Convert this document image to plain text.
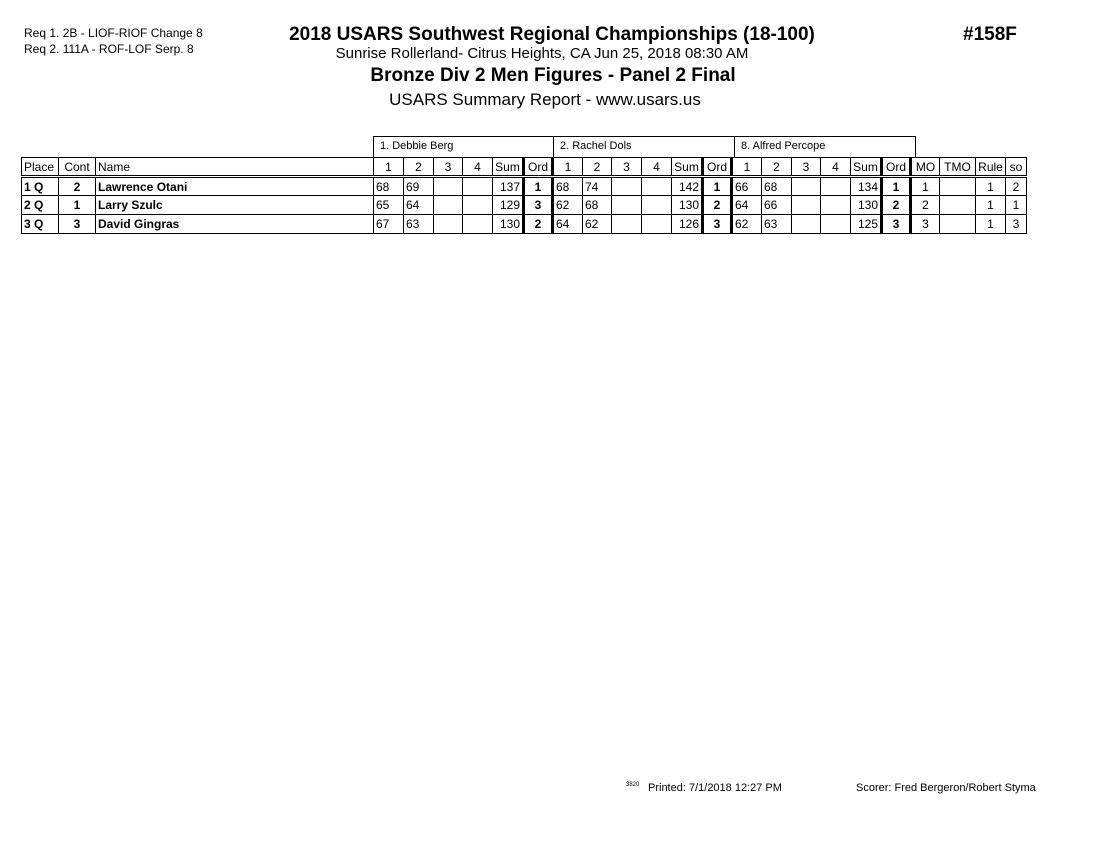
Req 1. 2B - LIOF-RIOF Change 8
Req 2. 111A - ROF-LOF Serp. 8
2018 USARS Southwest Regional Championships (18-100)
Sunrise Rollerland- Citrus Heights, CA Jun 25, 2018 08:30 AM
Bronze Div 2 Men Figures - Panel 2 Final
USARS Summary Report - www.usars.us
#158F
1. Debbie Berg	2. Rachel Dols	8. Alfred Percope
Place	Cont	Name	1	2	3	4	Sum	Ord	1	2	3	4	Sum	Ord	1	2	3	4	Sum	Ord	MO	TMO	Rule	so
1 Q	2	Lawrence Otani	68	69			137	1	68	74			142	1	66	68			134	1	1		1	2
2 Q	1	Larry Szulc	65	64			129	3	62	68			130	2	64	66			130	2	2		1	1
3 Q	3	David Gingras	67	63			130	2	64	62			126	3	62	63			125	3	3		1	3
3820 Printed: 7/1/2018 12:27 PM	Scorer: Fred Bergeron/Robert Styma
